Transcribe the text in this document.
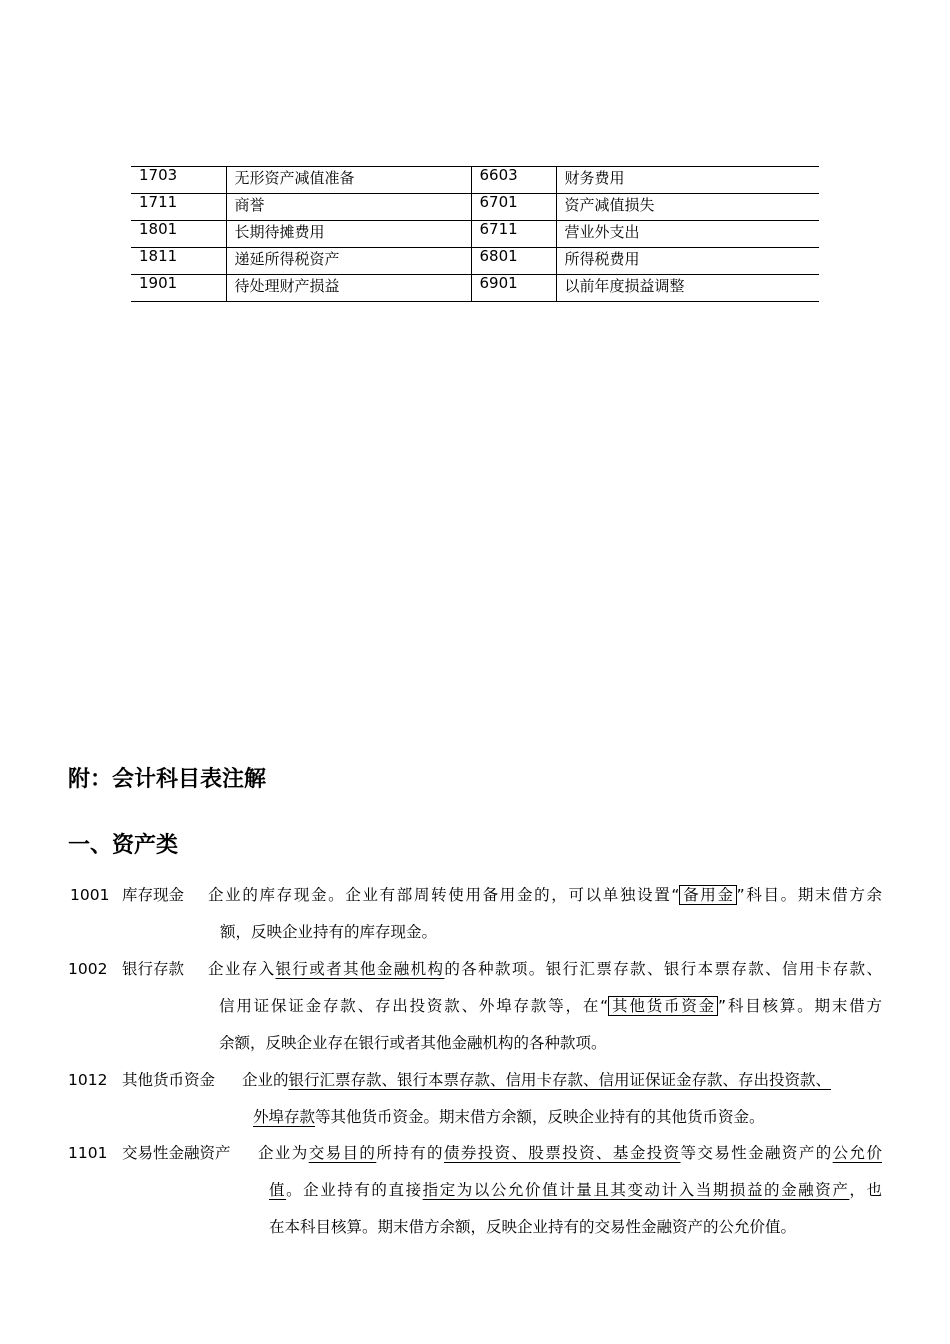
1703	无形资产减值准备	6603	财务费用
1711	商誉	6701	资产减值损失
1801	长期待摊费用	6711	营业外支出
1811	递延所得税资产	6801	所得税费用
1901	待处理财产损益	6901	以前年度损益调整
附：会计科目表注解
一、资产类
1001 库存现金	企业的库存现金。企业有部周转使用备用金的，可以单独设置“ 备用金 ”科目。期末借方余
额，反映企业持有的库存现金。
1002 银行存款	企业存入银行或者其他金融机构的各种款项。银行汇票存款、银行本票存款、信用卡存款、
信用证保证金存款、存出投资款、外埠存款等，在“ 其他货币资金 ”科目核算。期末借方
余额，反映企业存在银行或者其他金融机构的各种款项。
1012 其他货币资金	企业的银行汇票存款、银行本票存款、信用卡存款、信用证保证金存款、存出投资款、
外埠存款等其他货币资金。期末借方余额，反映企业持有的其他货币资金。
1101 交易性金融资产	企业为交易目的所持有的债券投资、股票投资、基金投资等交易性金融资产的公允价
值。企业持有的直接指定为以公允价值计量且其变动计入当期损益的金融资产，也
在本科目核算。期末借方余额，反映企业持有的交易性金融资产的公允价值。
